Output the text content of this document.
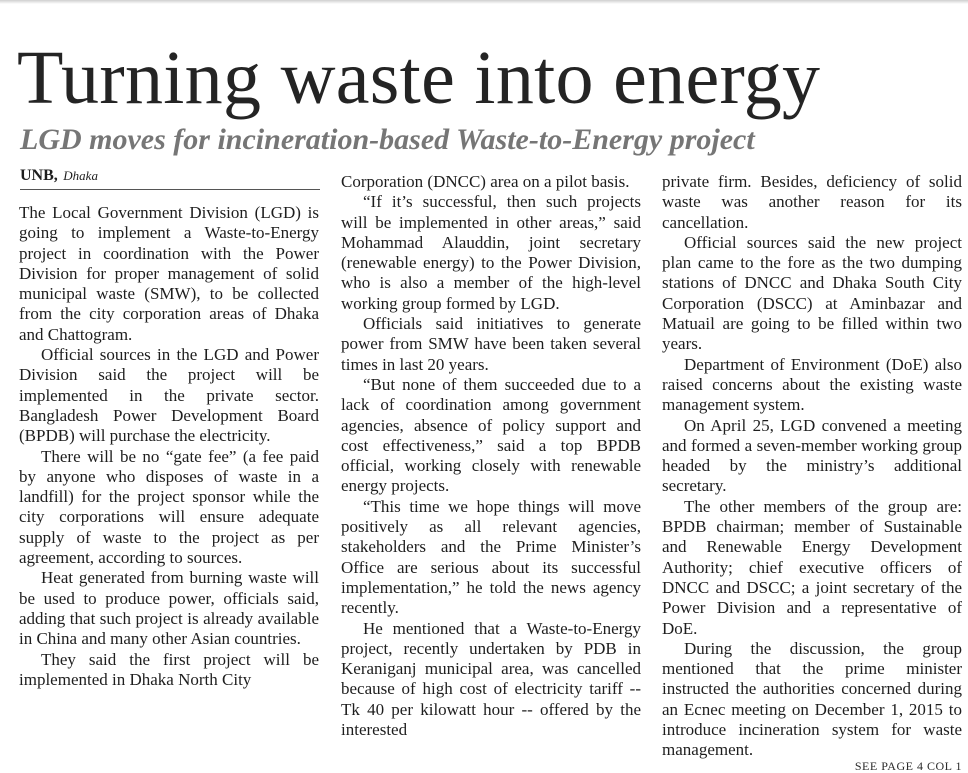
Turning waste into energy
LGD moves for incineration-based Waste-to-Energy project
UNB, Dhaka

The Local Government Division (LGD) is going to implement a Waste-to-Energy project in coordination with the Power Division for proper management of solid municipal waste (SMW), to be collected from the city corporation areas of Dhaka and Chattogram.

Official sources in the LGD and Power Division said the project will be implemented in the private sector. Bangladesh Power Development Board (BPDB) will purchase the electricity.

There will be no “gate fee” (a fee paid by anyone who disposes of waste in a landfill) for the project sponsor while the city corporations will ensure adequate supply of waste to the project as per agreement, according to sources.

Heat generated from burning waste will be used to produce power, officials said, adding that such project is already available in China and many other Asian countries.

They said the first project will be implemented in Dhaka North City

Corporation (DNCC) area on a pilot basis.

“If it’s successful, then such projects will be implemented in other areas,” said Mohammad Alauddin, joint secretary (renewable energy) to the Power Division, who is also a member of the high-level working group formed by LGD.

Officials said initiatives to generate power from SMW have been taken several times in last 20 years.

“But none of them succeeded due to a lack of coordination among government agencies, absence of policy support and cost effectiveness,” said a top BPDB official, working closely with renewable energy projects.

“This time we hope things will move positively as all relevant agencies, stakeholders and the Prime Minister’s Office are serious about its successful implementation,” he told the news agency recently.

He mentioned that a Waste-to-Energy project, recently undertaken by PDB in Keraniganj municipal area, was cancelled because of high cost of electricity tariff -- Tk 40 per kilowatt hour -- offered by the interested

private firm. Besides, deficiency of solid waste was another reason for its cancellation.

Official sources said the new project plan came to the fore as the two dumping stations of DNCC and Dhaka South City Corporation (DSCC) at Aminbazar and Matuail are going to be filled within two years.

Department of Environment (DoE) also raised concerns about the existing waste management system.

On April 25, LGD convened a meeting and formed a seven-member working group headed by the ministry’s additional secretary.

The other members of the group are: BPDB chairman; member of Sustainable and Renewable Energy Development Authority; chief executive officers of DNCC and DSCC; a joint secretary of the Power Division and a representative of DoE.

During the discussion, the group mentioned that the prime minister instructed the authorities concerned during an Ecnec meeting on December 1, 2015 to introduce incineration system for waste management.

SEE PAGE 4 COL 1
